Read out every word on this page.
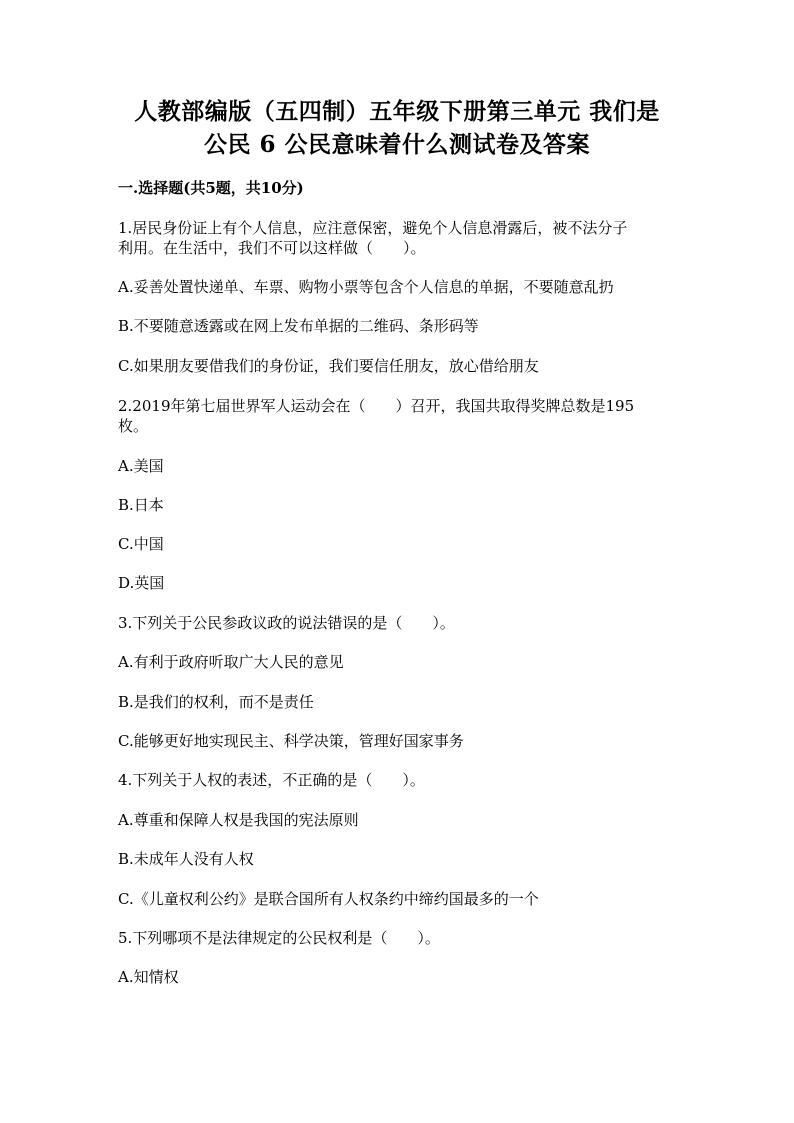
人教部编版（五四制）五年级下册第三单元 我们是
公民 6 公民意味着什么测试卷及答案
一.选择题(共5题，共10分)
1.居民身份证上有个人信息，应注意保密，避免个人信息滑露后，被不法分子
利用。在生活中，我们不可以这样做（　　）。
A.妥善处置快递单、车票、购物小票等包含个人信息的单据，不要随意乱扔
B.不要随意透露或在网上发布单据的二维码、条形码等
C.如果朋友要借我们的身份证，我们要信任朋友，放心借给朋友
2.2019年第七届世界军人运动会在（　　）召开，我国共取得奖牌总数是195
枚。
A.美国
B.日本
C.中国
D.英国
3.下列关于公民参政议政的说法错误的是（　　）。
A.有利于政府听取广大人民的意见
B.是我们的权利，而不是责任
C.能够更好地实现民主、科学决策，管理好国家事务
4.下列关于人权的表述，不正确的是（　　）。
A.尊重和保障人权是我国的宪法原则
B.未成年人没有人权
C.《儿童权利公约》是联合国所有人权条约中缔约国最多的一个
5.下列哪项不是法律规定的公民权利是（　　）。
A.知情权
